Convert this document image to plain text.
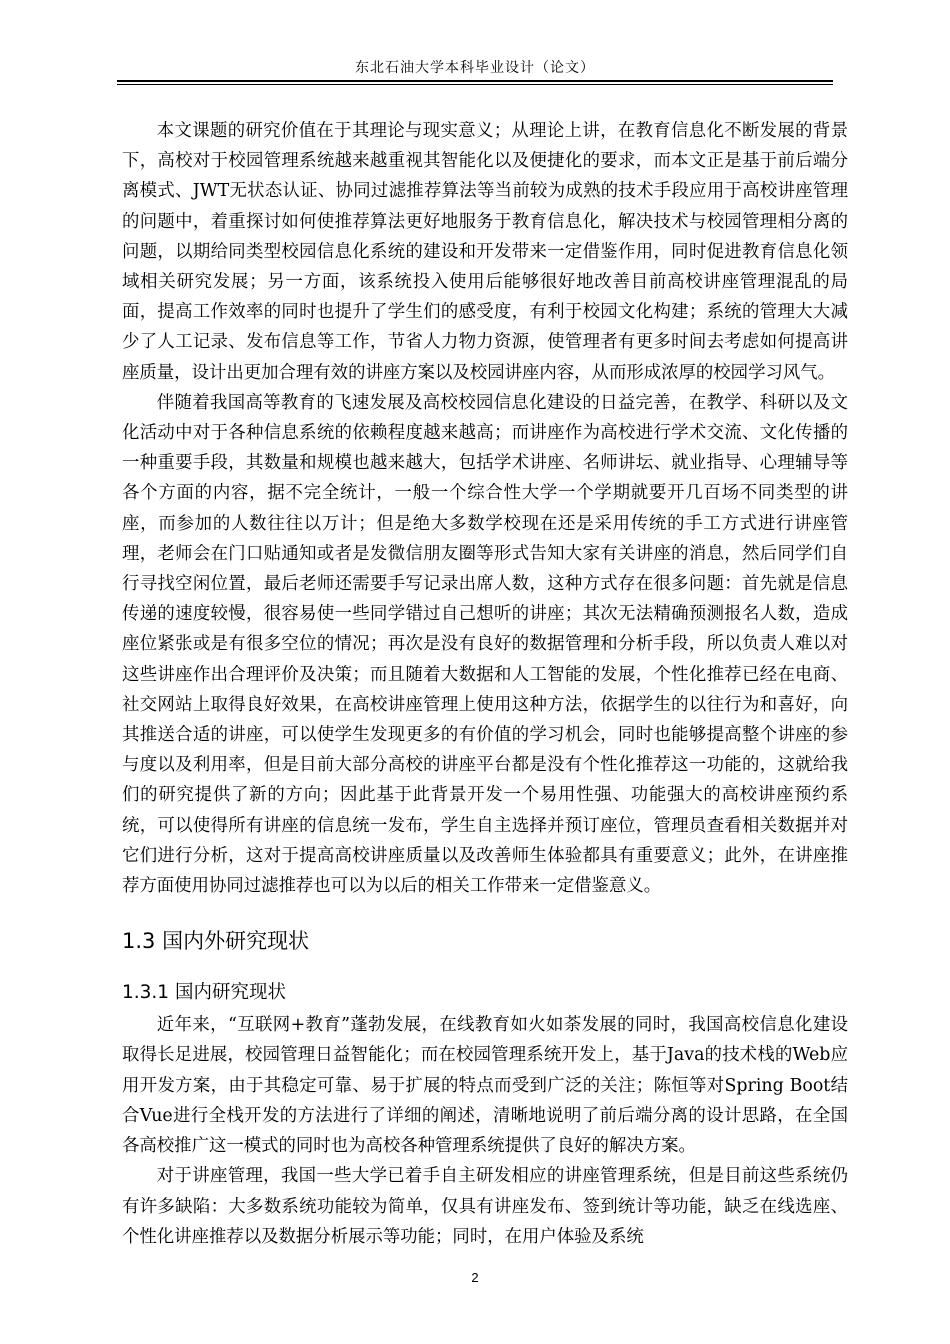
东北石油大学本科毕业设计（论文）

本文课题的研究价值在于其理论与现实意义；从理论上讲，在教育信息化不断发展的背景下，高校对于校园管理系统越来越重视其智能化以及便捷化的要求，而本文正是基于前后端分离模式、JWT无状态认证、协同过滤推荐算法等当前较为成熟的技术手段应用于高校讲座管理的问题中，着重探讨如何使推荐算法更好地服务于教育信息化，解决技术与校园管理相分离的问题，以期给同类型校园信息化系统的建设和开发带来一定借鉴作用，同时促进教育信息化领域相关研究发展；另一方面，该系统投入使用后能够很好地改善目前高校讲座管理混乱的局面，提高工作效率的同时也提升了学生们的感受度，有利于校园文化构建；系统的管理大大减少了人工记录、发布信息等工作，节省人力物力资源，使管理者有更多时间去考虑如何提高讲座质量，设计出更加合理有效的讲座方案以及校园讲座内容，从而形成浓厚的校园学习风气。

伴随着我国高等教育的飞速发展及高校校园信息化建设的日益完善，在教学、科研以及文化活动中对于各种信息系统的依赖程度越来越高；而讲座作为高校进行学术交流、文化传播的一种重要手段，其数量和规模也越来越大，包括学术讲座、名师讲坛、就业指导、心理辅导等各个方面的内容，据不完全统计，一般一个综合性大学一个学期就要开几百场不同类型的讲座，而参加的人数往往以万计；但是绝大多数学校现在还是采用传统的手工方式进行讲座管理，老师会在门口贴通知或者是发微信朋友圈等形式告知大家有关讲座的消息，然后同学们自行寻找空闲位置，最后老师还需要手写记录出席人数，这种方式存在很多问题：首先就是信息传递的速度较慢，很容易使一些同学错过自己想听的讲座；其次无法精确预测报名人数，造成座位紧张或是有很多空位的情况；再次是没有良好的数据管理和分析手段，所以负责人难以对这些讲座作出合理评价及决策；而且随着大数据和人工智能的发展，个性化推荐已经在电商、社交网站上取得良好效果，在高校讲座管理上使用这种方法，依据学生的以往行为和喜好，向其推送合适的讲座，可以使学生发现更多的有价值的学习机会，同时也能够提高整个讲座的参与度以及利用率，但是目前大部分高校的讲座平台都是没有个性化推荐这一功能的，这就给我们的研究提供了新的方向；因此基于此背景开发一个易用性强、功能强大的高校讲座预约系统，可以使得所有讲座的信息统一发布，学生自主选择并预订座位，管理员查看相关数据并对它们进行分析，这对于提高高校讲座质量以及改善师生体验都具有重要意义；此外，在讲座推荐方面使用协同过滤推荐也可以为以后的相关工作带来一定借鉴意义。

1.3 国内外研究现状
1.3.1 国内研究现状

近年来，“互联网+教育”蓬勃发展，在线教育如火如荼发展的同时，我国高校信息化建设取得长足进展，校园管理日益智能化；而在校园管理系统开发上，基于Java的技术栈的Web应用开发方案，由于其稳定可靠、易于扩展的特点而受到广泛的关注；陈恒等对Spring Boot结合Vue进行全栈开发的方法进行了详细的阐述，清晰地说明了前后端分离的设计思路，在全国各高校推广这一模式的同时也为高校各种管理系统提供了良好的解决方案。

对于讲座管理，我国一些大学已着手自主研发相应的讲座管理系统，但是目前这些系统仍有许多缺陷：大多数系统功能较为简单，仅具有讲座发布、签到统计等功能，缺乏在线选座、个性化讲座推荐以及数据分析展示等功能；同时，在用户体验及系统

2
